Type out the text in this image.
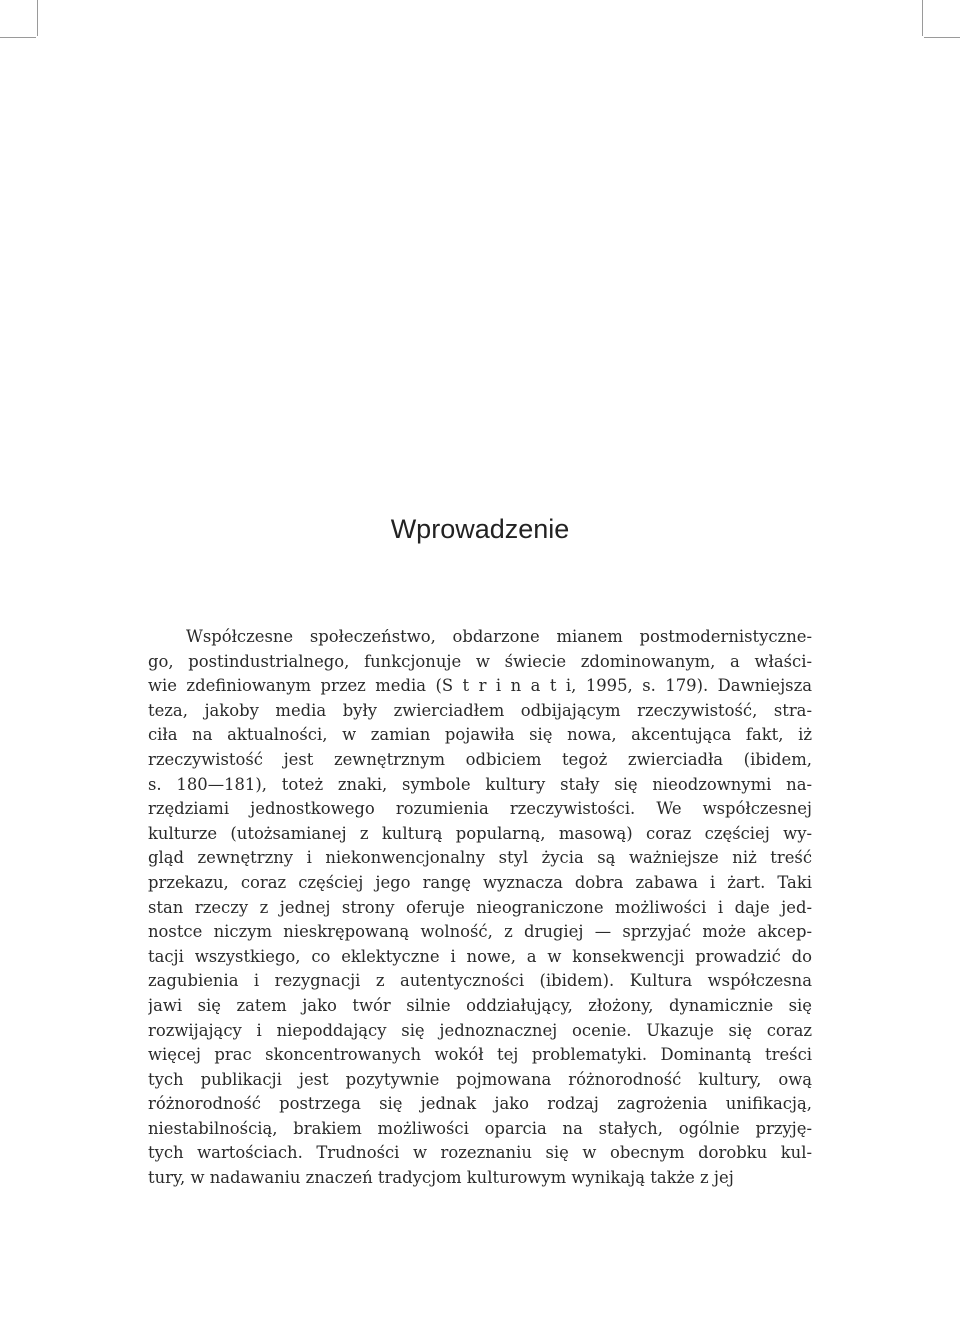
Wprowadzenie
Współczesne społeczeństwo, obdarzone mianem postmodernistyczne-
go, postindustrialnego, funkcjonuje w świecie zdominowanym, a właści-
wie zdefiniowanym przez media (S t r i n a t i, 1995, s. 179). Dawniejsza
teza, jakoby media były zwierciadłem odbijającym rzeczywistość, stra-
ciła na aktualności, w zamian pojawiła się nowa, akcentująca fakt, iż
rzeczywistość jest zewnętrznym odbiciem tegoż zwierciadła (ibidem,
s. 180—181), toteż znaki, symbole kultury stały się nieodzownymi na-
rzędziami jednostkowego rozumienia rzeczywistości. We współczesnej
kulturze (utożsamianej z kulturą popularną, masową) coraz częściej wy-
gląd zewnętrzny i niekonwencjonalny styl życia są ważniejsze niż treść
przekazu, coraz częściej jego rangę wyznacza dobra zabawa i żart. Taki
stan rzeczy z jednej strony oferuje nieograniczone możliwości i daje jed-
nostce niczym nieskrępowaną wolność, z drugiej — sprzyjać może akcep-
tacji wszystkiego, co eklektyczne i nowe, a w konsekwencji prowadzić do
zagubienia i rezygnacji z autentyczności (ibidem). Kultura współczesna
jawi się zatem jako twór silnie oddziałujący, złożony, dynamicznie się
rozwijający i niepoddający się jednoznacznej ocenie. Ukazuje się coraz
więcej prac skoncentrowanych wokół tej problematyki. Dominantą treści
tych publikacji jest pozytywnie pojmowana różnorodność kultury, ową
różnorodność postrzega się jednak jako rodzaj zagrożenia unifikacją,
niestabilnością, brakiem możliwości oparcia na stałych, ogólnie przyję-
tych wartościach. Trudności w rozeznaniu się w obecnym dorobku kul-
tury, w nadawaniu znaczeń tradycjom kulturowym wynikają także z jej
